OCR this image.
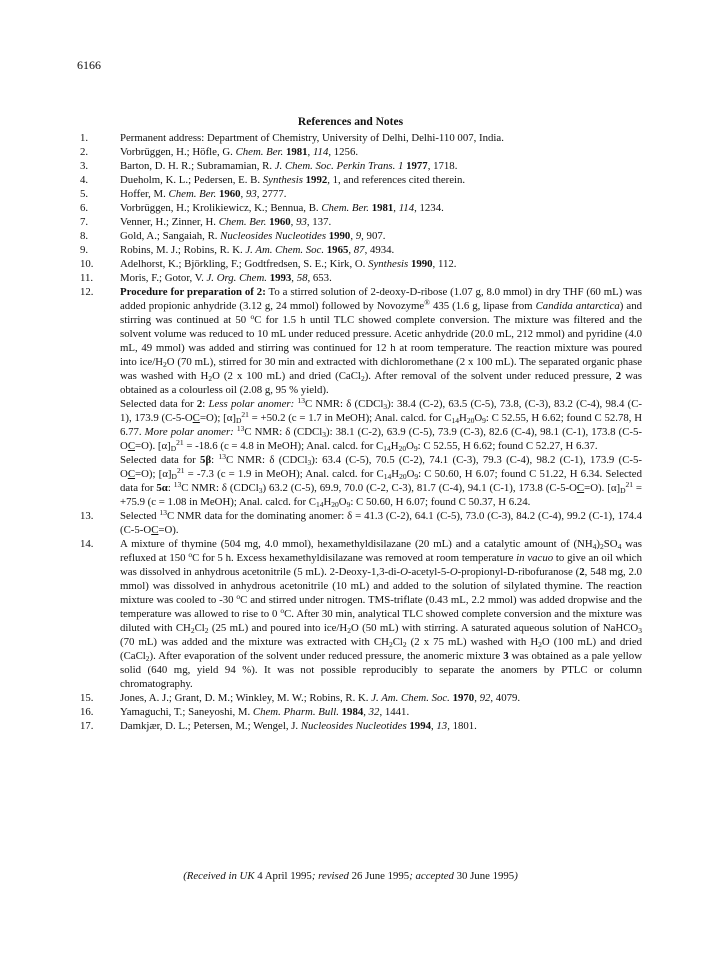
6166
References and Notes
1.	Permanent address: Department of Chemistry, University of Delhi, Delhi-110 007, India.
2.	Vorbrüggen, H.; Höfle, G. Chem. Ber. 1981, 114, 1256.
3.	Barton, D. H. R.; Subramamian, R. J. Chem. Soc. Perkin Trans. 1 1977, 1718.
4.	Dueholm, K. L.; Pedersen, E. B. Synthesis 1992, 1, and references cited therein.
5.	Hoffer, M. Chem. Ber. 1960, 93, 2777.
6.	Vorbrüggen, H.; Krolikiewicz, K.; Bennua, B. Chem. Ber. 1981, 114, 1234.
7.	Venner, H.; Zinner, H. Chem. Ber. 1960, 93, 137.
8.	Gold, A.; Sangaiah, R. Nucleosides Nucleotides 1990, 9, 907.
9.	Robins, M. J.; Robins, R. K. J. Am. Chem. Soc. 1965, 87, 4934.
10.	Adelhorst, K.; Björkling, F.; Godtfredsen, S. E.; Kirk, O. Synthesis 1990, 112.
11.	Moris, F.; Gotor, V. J. Org. Chem. 1993, 58, 653.
12.	Procedure for preparation of 2: To a stirred solution of 2-deoxy-D-ribose (1.07 g, 8.0 mmol) in dry THF (60 mL) was added propionic anhydride (3.12 g, 24 mmol) followed by Novozyme® 435 (1.6 g, lipase from Candida antarctica) and stirring was continued at 50 $^o$C for 1.5 h until TLC showed complete conversion. The mixture was filtered and the solvent volume was reduced to 10 mL under reduced pressure. Acetic anhydride (20.0 mL, 212 mmol) and pyridine (4.0 mL, 49 mmol) was added and stirring was continued for 12 h at room temperature. The reaction mixture was poured into ice/$H_2O$ (70 mL), stirred for 30 min and extracted with dichloromethane (2 x 100 mL). The separated organic phase was washed with $H_2O$ (2 x 100 mL) and dried (CaCl$_2$). After removal of the solvent under reduced pressure, 2 was obtained as a colourless oil (2.08 g, 95 % yield).

Selected data for 2: Less polar anomer: $^{13}$C NMR: δ (CDCl$_3$): 38.4 (C-2), 63.5 (C-5), 73.8, (C-3), 83.2 (C-4), 98.4 (C-1), 173.9 (C-5-OC=O); $[\alpha]_D^{21} = +50.2$ (c = 1.7 in MeOH); Anal. calcd. for $C_{14}H_{20}O_9$: C 52.55, H 6.62; found C 52.78, H 6.77. More polar anomer: $^{13}$C NMR: δ (CDCl$_3$): 38.1 (C-2), 63.9 (C-5), 73.9 (C-3), 82.6 (C-4), 98.1 (C-1), 173.8 (C-5-OC=O). $[\alpha]_D^{21} = -18.6$ (c = 4.8 in MeOH); Anal. calcd. for $C_{14}H_{20}O_9$: C 52.55, H 6.62; found C 52.27, H 6.37.

Selected data for 5β: $^{13}$C NMR: δ (CDCl$_3$): 63.4 (C-5), 70.5 (C-2), 74.1 (C-3), 79.3 (C-4), 98.2 (C-1), 173.9 (C-5-OC=O); $[\alpha]_D^{21} = -7.3$ (c = 1.9 in MeOH); Anal. calcd. for $C_{14}H_{20}O_9$: C 50.60, H 6.07; found C 51.22, H 6.34. Selected data for 5α: $^{13}$C NMR: δ (CDCl$_3$) 63.2 (C-5), 69.9, 70.0 (C-2, C-3), 81.7 (C-4), 94.1 (C-1), 173.8 (C-5-OC=O). $[\alpha]_D^{21} = +75.9$ (c = 1.08 in MeOH); Anal. calcd. for $C_{14}H_{20}O_9$: C 50.60, H 6.07; found C 50.37, H 6.24.

13.	Selected $^{13}$C NMR data for the dominating anomer: δ = 41.3 (C-2), 64.1 (C-5), 73.0 (C-3), 84.2 (C-4), 99.2 (C-1), 174.4 (C-5-OC=O).
14.	A mixture of thymine (504 mg, 4.0 mmol), hexamethyldisilazane (20 mL) and a catalytic amount of $(NH_4)_2SO_4$ was refluxed at 150 $^o$C for 5 h. Excess hexamethyldisilazane was removed at room temperature in vacuo to give an oil which was dissolved in anhydrous acetonitrile (5 mL). 2-Deoxy-1,3-di-O-acetyl-5-O-propionyl-D-ribofuranose (2, 548 mg, 2.0 mmol) was dissolved in anhydrous acetonitrile (10 mL) and added to the solution of silylated thymine. The reaction mixture was cooled to -30 $^o$C and stirred under nitrogen. TMS-triflate (0.43 mL, 2.2 mmol) was added dropwise and the temperature was allowed to rise to 0 $^o$C. After 30 min, analytical TLC showed complete conversion and the mixture was diluted with $CH_2Cl_2$ (25 mL) and poured into ice/$H_2O$ (50 mL) with stirring. A saturated aqueous solution of NaHCO$_3$ (70 mL) was added and the mixture was extracted with $CH_2Cl_2$ (2 x 75 mL) washed with $H_2O$ (100 mL) and dried (CaCl$_2$). After evaporation of the solvent under reduced pressure, the anomeric mixture 3 was obtained as a pale yellow solid (640 mg, yield 94 %). It was not possible reproducibly to separate the anomers by PTLC or column chromatography.
15.	Jones, A. J.; Grant, D. M.; Winkley, M. W.; Robins, R. K. J. Am. Chem. Soc. 1970, 92, 4079.
16.	Yamaguchi, T.; Saneyoshi, M. Chem. Pharm. Bull. 1984, 32, 1441.
17.	Damkjær, D. L.; Petersen, M.; Wengel, J. Nucleosides Nucleotides 1994, 13, 1801.
(Received in UK 4 April 1995; revised 26 June 1995; accepted 30 June 1995)
